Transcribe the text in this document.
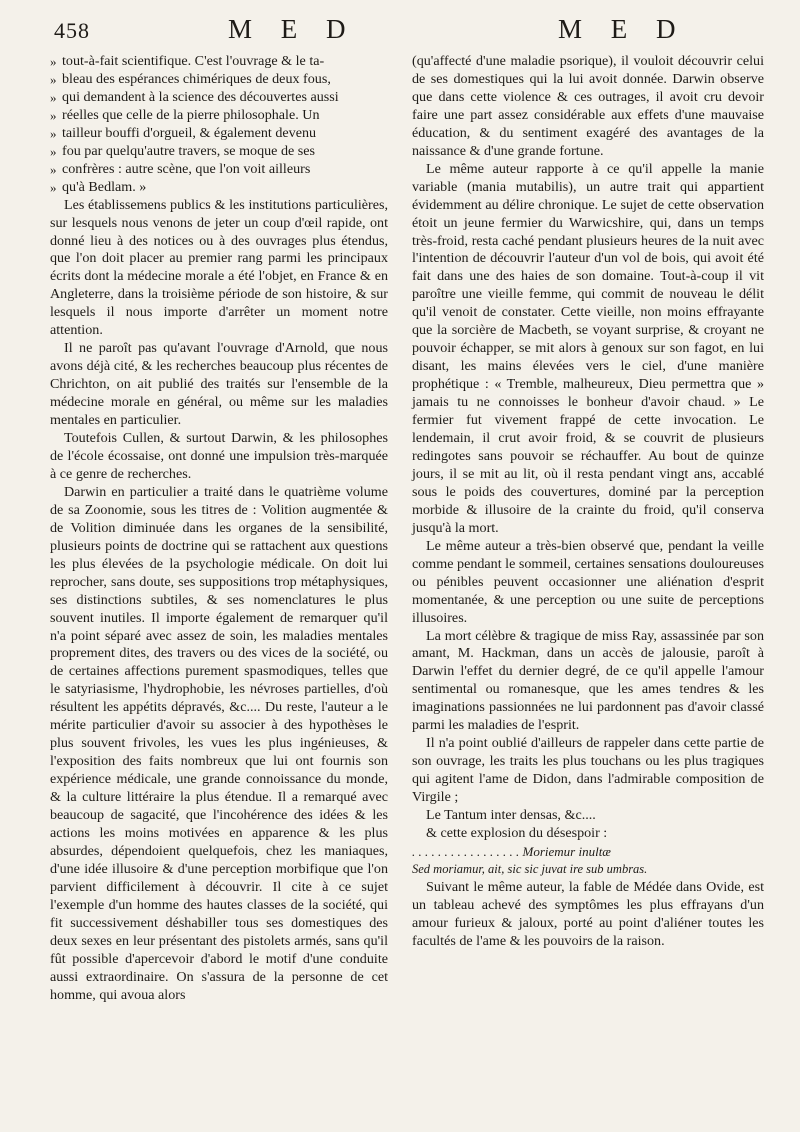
458	M E D	M E D
» tout-à-fait scientifique. C'est l'ouvrage & le ta-
» bleau des espérances chimériques de deux fous,
» qui demandent à la science des découvertes aussi
» réelles que celle de la pierre philosophale. Un
» tailleur bouffi d'orgueil, & également devenu
» fou par quelqu'autre travers, se moque de ses
» confrères : autre scène, que l'on voit ailleurs
» qu'à Bedlam. »

Les établissemens publics & les institutions particulières, sur lesquels nous venons de jeter un coup d'œil rapide, ont donné lieu à des notices ou à des ouvrages plus étendus, que l'on doit placer au premier rang parmi les principaux écrits dont la médecine morale a été l'objet, en France & en Angleterre, dans la troisième période de son histoire, & sur lesquels il nous importe d'arrêter un moment notre attention.

Il ne paroît pas qu'avant l'ouvrage d'Arnold, que nous avons déjà cité, & les recherches beaucoup plus récentes de Chrichton, on ait publié des traités sur l'ensemble de la médecine morale en général, ou même sur les maladies mentales en particulier.

Toutefois Cullen, & surtout Darwin, & les philosophes de l'école écossaise, ont donné une impulsion très-marquée à ce genre de recherches.

Darwin en particulier a traité dans le quatrième volume de sa Zoonomie, sous les titres de : Volition augmentée & de Volition diminuée dans les organes de la sensibilité, plusieurs points de doctrine qui se rattachent aux questions les plus élevées de la psychologie médicale. On doit lui reprocher, sans doute, ses suppositions trop métaphysiques, ses distinctions subtiles, & ses nomenclatures le plus souvent inutiles. Il importe également de remarquer qu'il n'a point séparé avec assez de soin, les maladies mentales proprement dites, des travers ou des vices de la société, ou de certaines affections purement spasmodiques, telles que le satyriasisme, l'hydrophobie, les névroses partielles, d'où résultent les appétits dépravés, &c.... Du reste, l'auteur a le mérite particulier d'avoir su associer à des hypothèses le plus souvent frivoles, les vues les plus ingénieuses, & l'exposition des faits nombreux que lui ont fournis son expérience médicale, une grande connoissance du monde, & la culture littéraire la plus étendue. Il a remarqué avec beaucoup de sagacité, que l'incohérence des idées & les actions les moins motivées en apparence & les plus absurdes, dépendoient quelquefois, chez les maniaques, d'une idée illusoire & d'une perception morbifique que l'on parvient difficilement à découvrir. Il cite à ce sujet l'exemple d'un homme des hautes classes de la société, qui fit successivement déshabiller tous ses domestiques des deux sexes en leur présentant des pistolets armés, sans qu'il fût possible d'apercevoir d'abord le motif d'une conduite aussi extraordinaire. On s'assura de la personne de cet homme, qui avoua alors

(qu'affecté d'une maladie psorique), il vouloit découvrir celui de ses domestiques qui la lui avoit donnée. Darwin observe que dans cette violence & ces outrages, il avoit cru devoir faire une part assez considérable aux effets d'une mauvaise éducation, & du sentiment exagéré des avantages de la naissance & d'une grande fortune.

Le même auteur rapporte à ce qu'il appelle la manie variable (mania mutabilis), un autre trait qui appartient évidemment au délire chronique. Le sujet de cette observation étoit un jeune fermier du Warwicshire, qui, dans un temps très-froid, resta caché pendant plusieurs heures de la nuit avec l'intention de découvrir l'auteur d'un vol de bois, qui avoit été fait dans une des haies de son domaine. Tout-à-coup il vit paroître une vieille femme, qui commit de nouveau le délit qu'il venoit de constater. Cette vieille, non moins effrayante que la sorcière de Macbeth, se voyant surprise, & croyant ne pouvoir échapper, se mit alors à genoux sur son fagot, en lui disant, les mains élevées vers le ciel, d'une manière prophétique : « Tremble, malheureux, Dieu permettra que » jamais tu ne connoisses le bonheur d'avoir chaud. » Le fermier fut vivement frappé de cette invocation. Le lendemain, il crut avoir froid, & se couvrit de plusieurs redingotes sans pouvoir se réchauffer. Au bout de quinze jours, il se mit au lit, où il resta pendant vingt ans, accablé sous le poids des couvertures, dominé par la perception morbide & illusoire de la crainte du froid, qu'il conserva jusqu'à la mort.

Le même auteur a très-bien observé que, pendant la veille comme pendant le sommeil, certaines sensations douloureuses ou pénibles peuvent occasionner une aliénation d'esprit momentanée, & une perception ou une suite de perceptions illusoires.

La mort célèbre & tragique de miss Ray, assassinée par son amant, M. Hackman, dans un accès de jalousie, paroît à Darwin l'effet du dernier degré, de ce qu'il appelle l'amour sentimental ou romanesque, que les ames tendres & les imaginations passionnées ne lui pardonnent pas d'avoir classé parmi les maladies de l'esprit.

Il n'a point oublié d'ailleurs de rappeler dans cette partie de son ouvrage, les traits les plus touchans ou les plus tragiques qui agitent l'ame de Didon, dans l'admirable composition de Virgile ;

Le Tantum inter densas, &c....

& cette explosion du désespoir :

. . . . . . . . . . . . . . . . . Moriemur inultæ

Sed moriamur, ait, sic sic juvat ire sub umbras.

Suivant le même auteur, la fable de Médée dans Ovide, est un tableau achevé des symptômes les plus effrayans d'un amour furieux & jaloux, porté au point d'aliéner toutes les facultés de l'ame & les pouvoirs de la raison.
